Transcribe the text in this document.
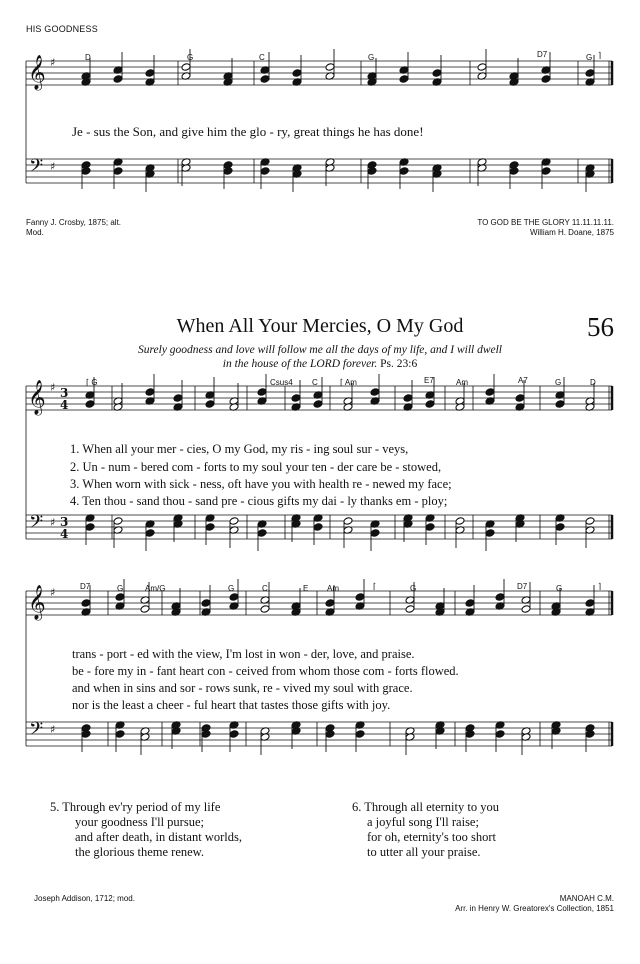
HIS GOODNESS
𝄞
𝄢
♯
♯
𝄞
𝄢
♯
♯
3
4
3
4
𝄞
𝄢
♯
♯
D	G	C	G	D7	G ⌉
Je - sus the Son, and give him the glo - ry, great things he has done!
Fanny J. Crosby, 1875; alt.
Mod.
TO GOD BE THE GLORY 11.11.11.11.
William H. Doane, 1875
When All Your Mercies, O My God	56
Surely goodness and love will follow me all the days of my life, and I will dwell
in the house of the LORD forever. Ps. 23:6
⌈ G	Csus4 C	⌈ Am	E7	Am	A7	G	D
1. When all your mer - cies, O my God, my ris - ing soul sur - veys,
2. Un - num - bered com - forts to my soul your ten - der care be - stowed,
3. When worn with sick - ness, oft have you with health re - newed my face;
4. Ten thou - sand thou - sand pre - cious gifts my dai - ly thanks em - ploy;
D7	G	Am/G	G	C	E Am	⌈	G	D7	G	⌉
trans - port - ed with the view, I'm lost in won - der, love, and praise.
be - fore my in - fant heart con - ceived from whom those com - forts flowed.
and when in sins and sor - rows sunk, re - vived my soul with grace.
nor is the least a cheer - ful heart that tastes those gifts with joy.
5. Through ev'ry period of my life
your goodness I'll pursue;
and after death, in distant worlds,
the glorious theme renew.
6. Through all eternity to you
a joyful song I'll raise;
for oh, eternity's too short
to utter all your praise.
Joseph Addison, 1712; mod.	MANOAH C.M.
Arr. in Henry W. Greatorex's Collection, 1851
